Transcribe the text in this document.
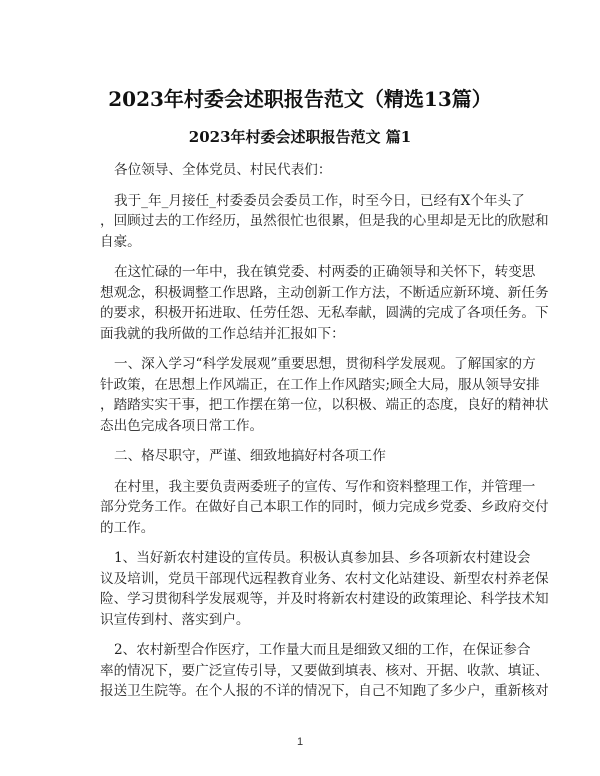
2023年村委会述职报告范文（精选13篇）
2023年村委会述职报告范文 篇1
各位领导、全体党员、村民代表们：
我于_年_月接任_村委委员会委员工作，时至今日，已经有X个年头了
，回顾过去的工作经历，虽然很忙也很累，但是我的心里却是无比的欣慰和
自豪。
在这忙碌的一年中，我在镇党委、村两委的正确领导和关怀下，转变思
想观念，积极调整工作思路，主动创新工作方法，不断适应新环境、新任务
的要求，积极开拓进取、任劳任怨、无私奉献，圆满的完成了各项任务。下
面我就的我所做的工作总结并汇报如下：
一、深入学习“科学发展观”重要思想，贯彻科学发展观。了解国家的方
针政策，在思想上作风端正，在工作上作风踏实;顾全大局，服从领导安排
，踏踏实实干事，把工作摆在第一位，以积极、端正的态度，良好的精神状
态出色完成各项日常工作。
二、格尽职守，严谨、细致地搞好村各项工作
在村里，我主要负责两委班子的宣传、写作和资料整理工作，并管理一
部分党务工作。在做好自己本职工作的同时，倾力完成乡党委、乡政府交付
的工作。
1、当好新农村建设的宣传员。积极认真参加县、乡各项新农村建设会
议及培训，党员干部现代远程教育业务、农村文化站建设、新型农村养老保
险、学习贯彻科学发展观等，并及时将新农村建设的政策理论、科学技术知
识宣传到村、落实到户。
2、农村新型合作医疗，工作量大而且是细致又细的工作，在保证参合
率的情况下，要广泛宣传引导，又要做到填表、核对、开据、收款、填证、
报送卫生院等。在个人报的不详的情况下，自己不知跑了多少户，重新核对
1
